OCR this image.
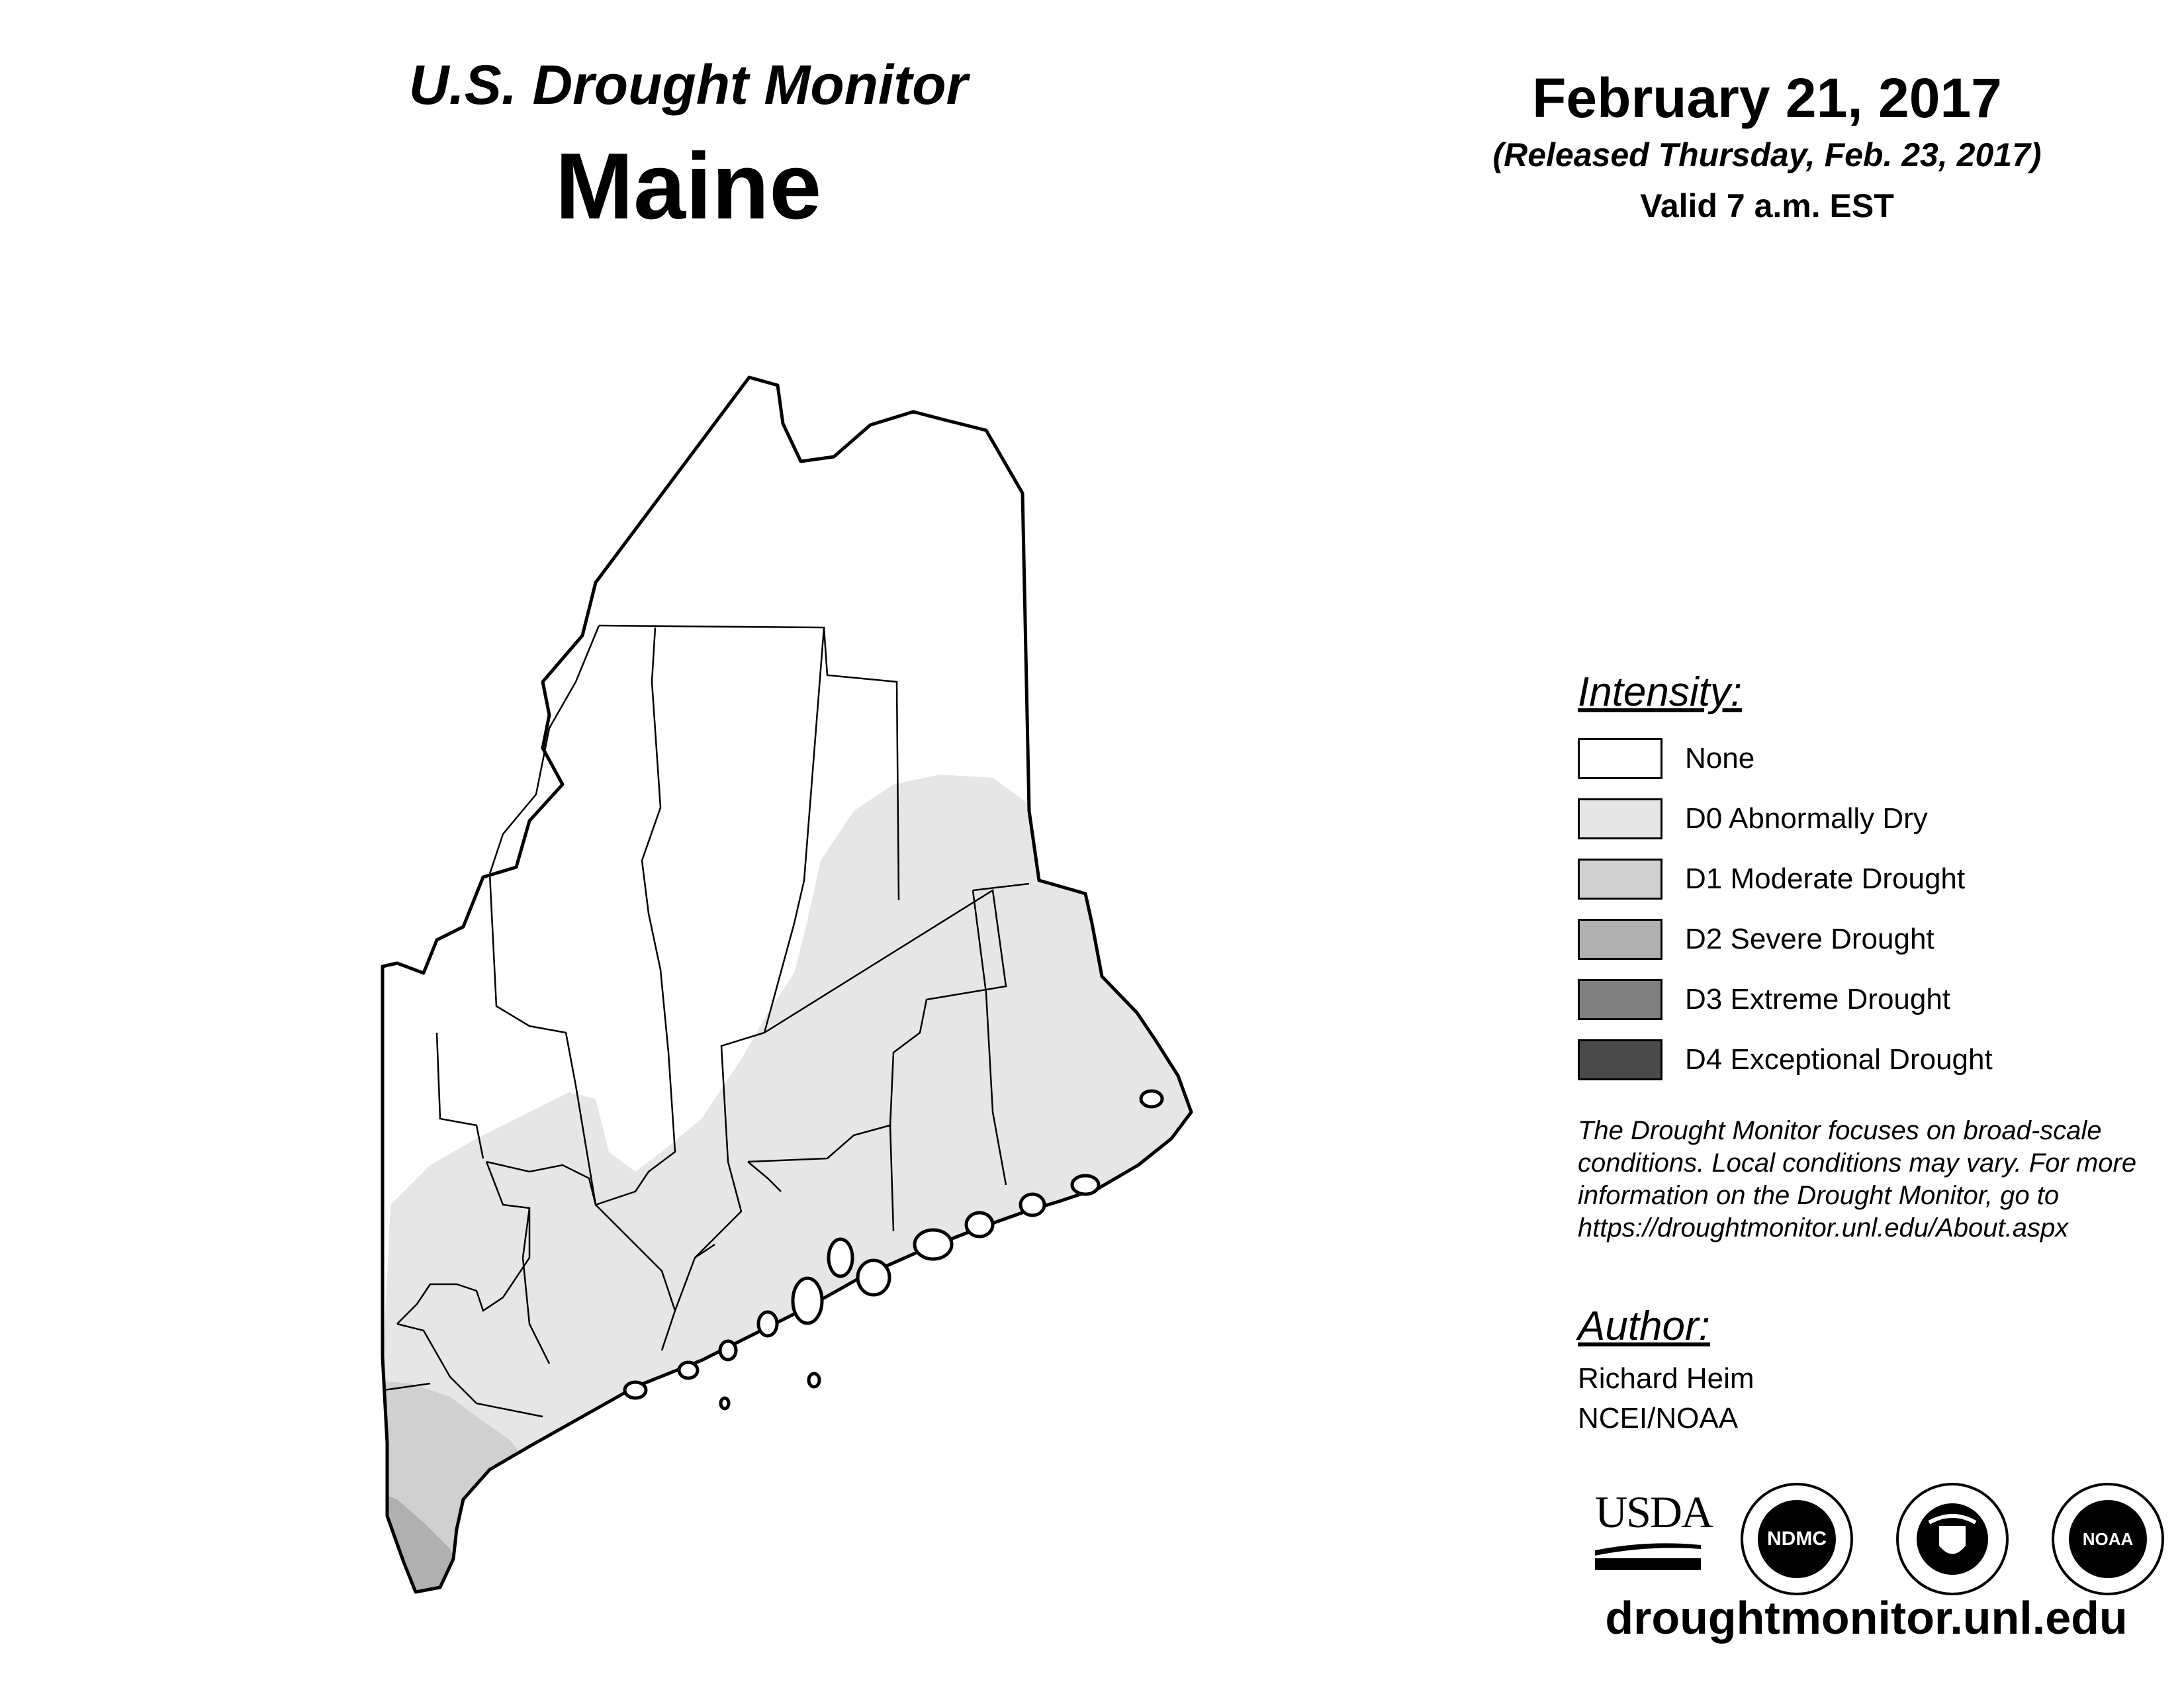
U.S. Drought Monitor
Maine
February 21, 2017
(Released Thursday, Feb. 23, 2017)
Valid 7 a.m. EST
Intensity:
None
D0 Abnormally Dry
D1 Moderate Drought
D2 Severe Drought
D3 Extreme Drought
D4 Exceptional Drought
The Drought Monitor focuses on broad-scale conditions. Local conditions may vary. For more information on the Drought Monitor, go to https://droughtmonitor.unl.edu/About.aspx
Author:
Richard Heim
NCEI/NOAA
USDA
NDMC	NOAA
droughtmonitor.unl.edu
